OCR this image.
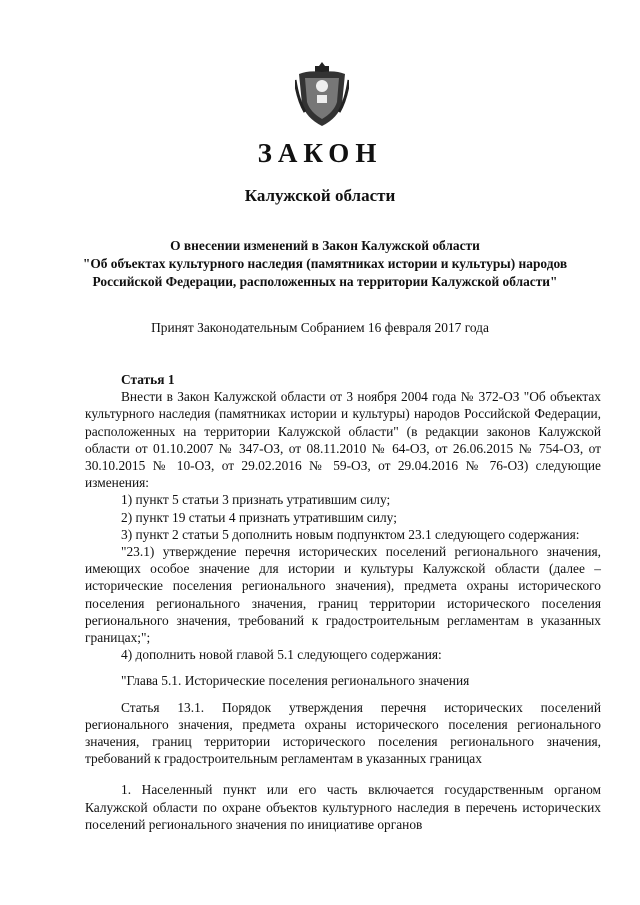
ЗАКОН
Калужской области
О внесении изменений в Закон Калужской области
"Об объектах культурного наследия (памятниках истории и культуры) народов
Российской Федерации, расположенных на территории Калужской области"
Принят Законодательным Собранием 16 февраля 2017 года

Статья 1

Внести в Закон Калужской области от 3 ноября 2004 года № 372-ОЗ "Об объектах культурного наследия (памятниках истории и культуры) народов Российской Федерации, расположенных на территории Калужской области" (в редакции законов Калужской области от 01.10.2007 № 347-ОЗ, от 08.11.2010 № 64-ОЗ, от 26.06.2015 № 754-ОЗ, от 30.10.2015 № 10-ОЗ, от 29.02.2016 № 59-ОЗ, от 29.04.2016 № 76-ОЗ) следующие изменения:

1) пункт 5 статьи 3 признать утратившим силу;

2) пункт 19 статьи 4 признать утратившим силу;

3) пункт 2 статьи 5 дополнить новым подпунктом 23.1 следующего содержания:

"23.1) утверждение перечня исторических поселений регионального значения, имеющих особое значение для истории и культуры Калужской области (далее – исторические поселения регионального значения), предмета охраны исторического поселения регионального значения, границ территории исторического поселения регионального значения, требований к градостроительным регламентам в указанных границах;";

4) дополнить новой главой 5.1 следующего содержания:

"Глава 5.1. Исторические поселения регионального значения

Статья 13.1. Порядок утверждения перечня исторических поселений регионального значения, предмета охраны исторического поселения регионального значения, границ территории исторического поселения регионального значения, требований к градостроительным регламентам в указанных границах

1. Населенный пункт или его часть включается государственным органом Калужской области по охране объектов культурного наследия в перечень исторических поселений регионального значения по инициативе органов
